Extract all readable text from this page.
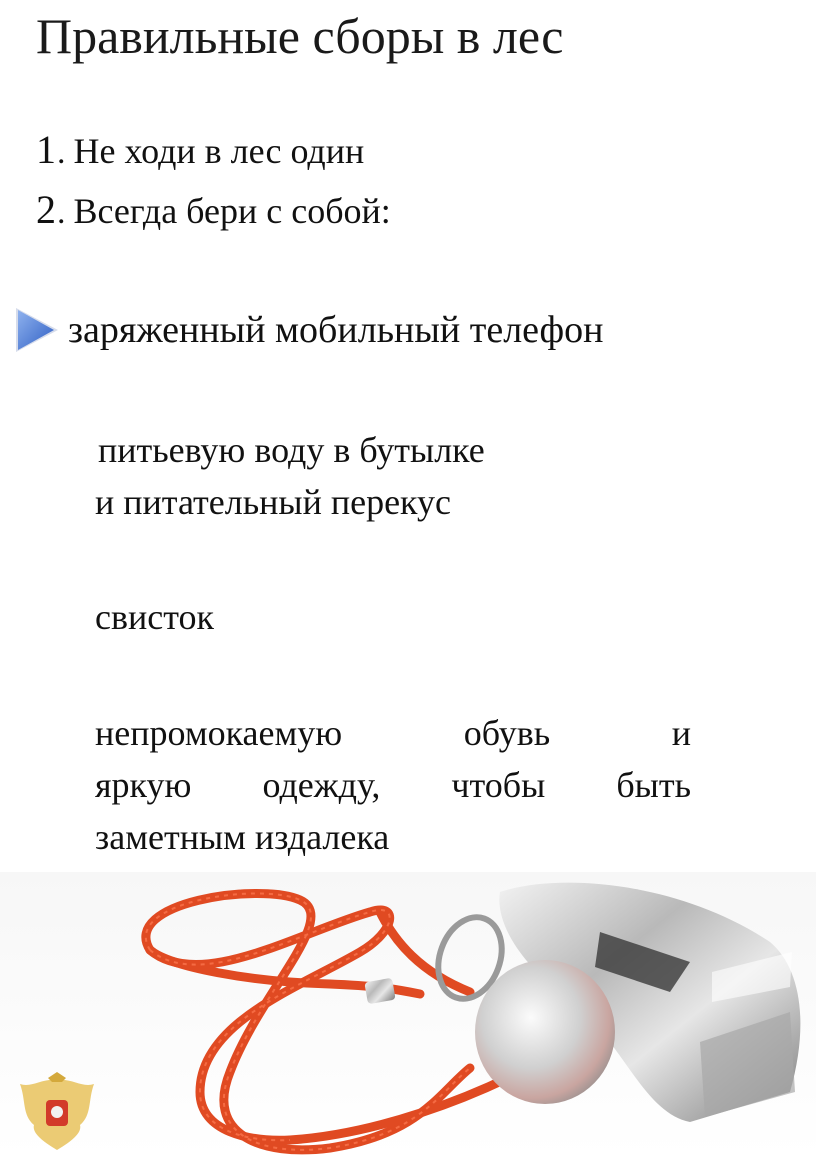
Правильные сборы в лес
1. Не ходи в лес один
2. Всегда бери с собой:
заряженный мобильный телефон
питьевую воду в бутылке
и питательный перекус
свисток
непромокаемую	обувь	и
яркую одежду, чтобы быть
заметным издалека
